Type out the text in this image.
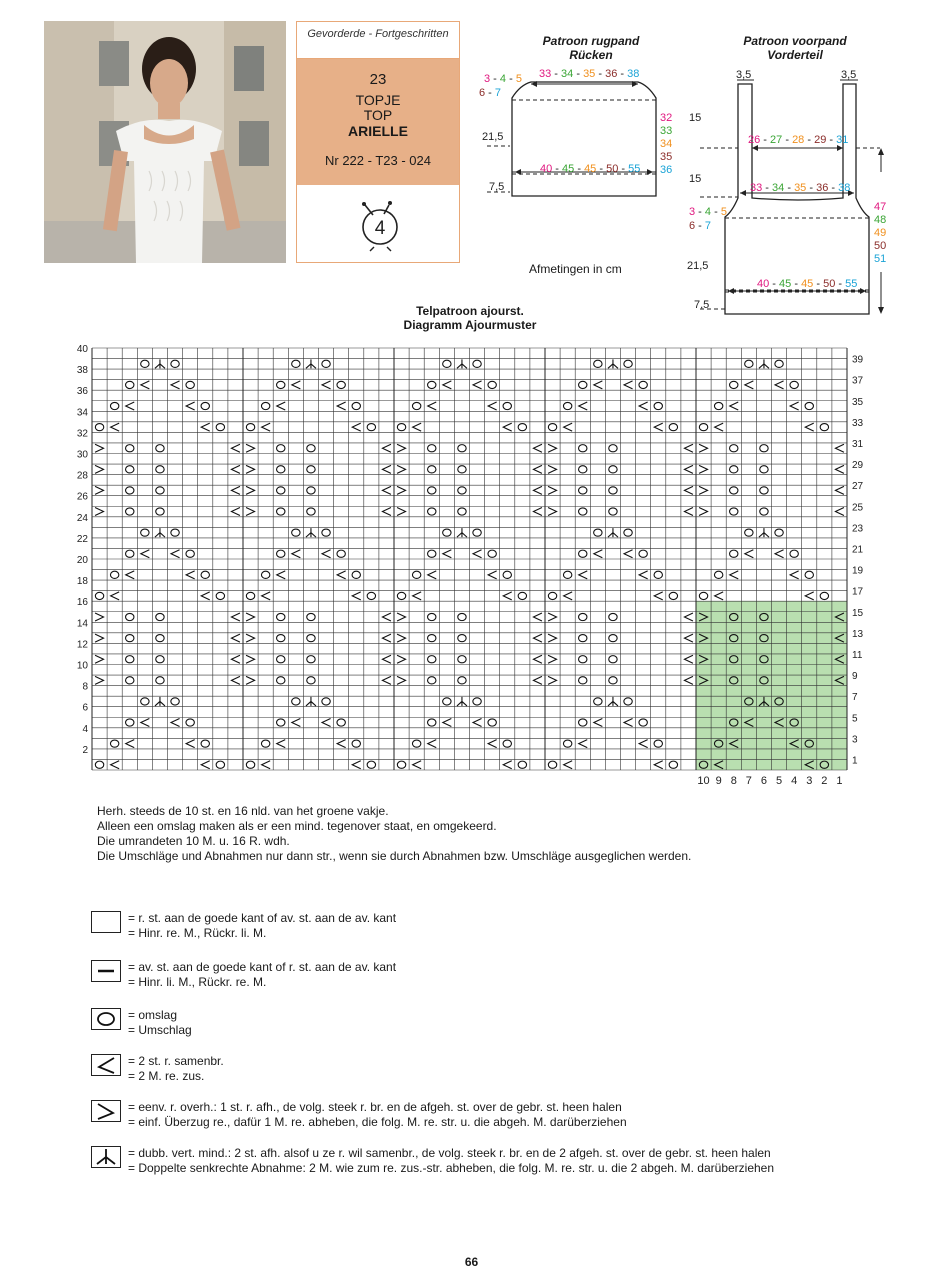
Gevorderde - Fortgeschritten
23
TOPJE
TOP
ARIELLE
Nr 222 - T23 - 024
4
Patroon rugpand
Rücken
3 - 4 - 5
6 - 7
33 - 34 - 35 - 36 - 38
32 33 34 35 36
21,5
40 - 45 - 45 - 50 - 55
7,5
Patroon voorpand
Vorderteil
3,5	3,5
15
15
26 - 27 - 28 - 29 - 31
33 - 34 - 35 - 36 - 38
3 - 4 - 5
6 - 7
47 48 49 50 51
21,5
40 - 45 - 45 - 50 - 55
7,5
Afmetingen in cm
Telpatroon ajourst.
Diagramm Ajourmuster
40
38
36
34
32
30
28
26
24
22
20
18
16
14
12
10
8
6
4
2
39
37
35
33
31
29
27
25
23
21
19
17
15
13
11
9
7
5
3
1
10 9 8 7 6 5 4 3 2 1
Herh. steeds de 10 st. en 16 nld. van het groene vakje.
Alleen een omslag maken als er een mind. tegenover staat, en omgekeerd.
Die umrandeten 10 M. u. 16 R. wdh.
Die Umschläge und Abnahmen nur dann str., wenn sie durch Abnahmen bzw. Umschläge ausgeglichen werden.
= r. st. aan de goede kant of av. st. aan de av. kant
= Hinr. re. M., Rückr. li. M.
= av. st. aan de goede kant of r. st. aan de av. kant
= Hinr. li. M., Rückr. re. M.
= omslag
= Umschlag
= 2 st. r. samenbr.
= 2 M. re. zus.
= eenv. r. overh.: 1 st. r. afh., de volg. steek r. br. en de afgeh. st. over de gebr. st. heen halen
= einf. Überzug re., dafür 1 M. re. abheben, die folg. M. re. str. u. die abgeh. M. darüberziehen
= dubb. vert. mind.: 2 st. afh. alsof u ze r. wil samenbr., de volg. steek r. br. en de 2 afgeh. st. over de gebr. st. heen halen
= Doppelte senkrechte Abnahme: 2 M. wie zum re. zus.-str. abheben, die folg. M. re. str. u. die 2 abgeh. M. darüberziehen
66
